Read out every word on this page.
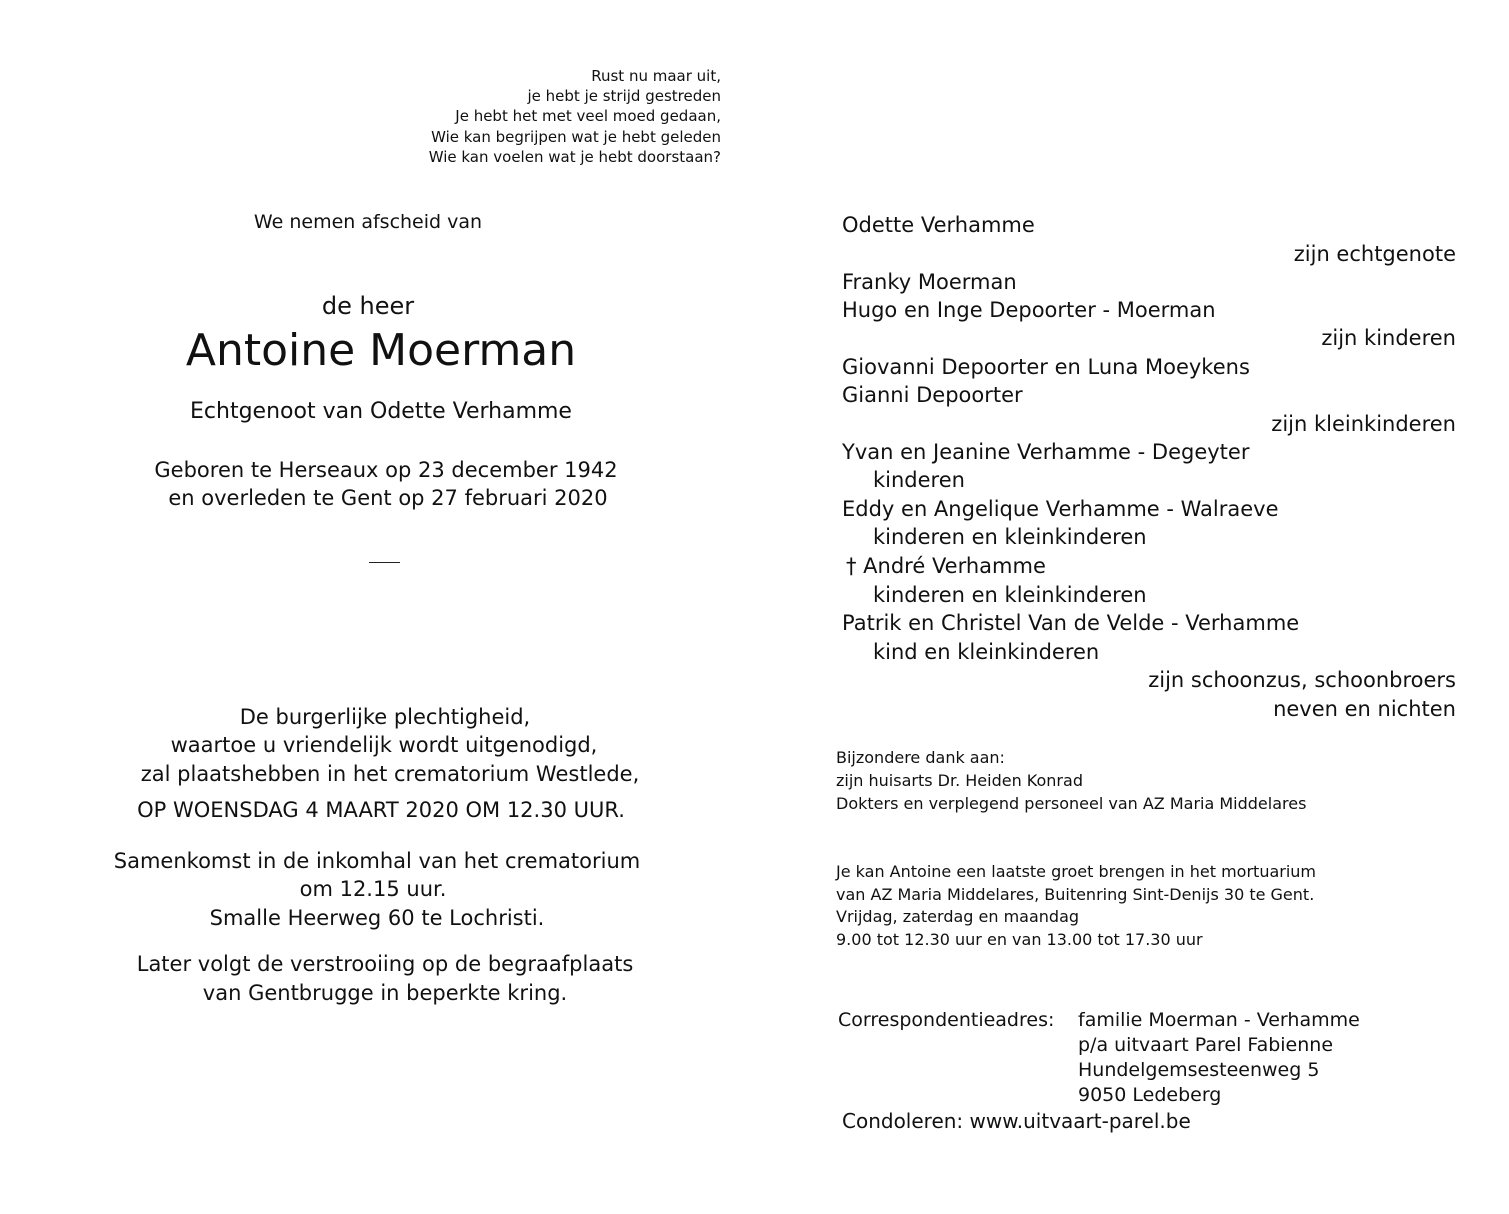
Rust nu maar uit,
je hebt je strijd gestreden
Je hebt het met veel moed gedaan,
Wie kan begrijpen wat je hebt geleden
Wie kan voelen wat je hebt doorstaan?
We nemen afscheid van
de heer
Antoine Moerman
Echtgenoot van Odette Verhamme
Geboren te Herseaux op 23 december 1942
en overleden te Gent op 27 februari 2020
De burgerlijke plechtigheid,
waartoe u vriendelijk wordt uitgenodigd,
zal plaatshebben in het crematorium Westlede,
OP WOENSDAG 4 MAART 2020 OM 12.30 UUR.
Samenkomst in de inkomhal van het crematorium
om 12.15 uur.
Smalle Heerweg 60 te Lochristi.
Later volgt de verstrooiing op de begraafplaats
van Gentbrugge in beperkte kring.
Odette Verhamme
zijn echtgenote
Franky Moerman
Hugo en Inge Depoorter - Moerman
zijn kinderen
Giovanni Depoorter en Luna Moeykens
Gianni Depoorter
zijn kleinkinderen
Yvan en Jeanine Verhamme - Degeyter
kinderen
Eddy en Angelique Verhamme - Walraeve
kinderen en kleinkinderen
† André Verhamme
kinderen en kleinkinderen
Patrik en Christel Van de Velde - Verhamme
kind en kleinkinderen
zijn schoonzus, schoonbroers
neven en nichten
Bijzondere dank aan:
zijn huisarts Dr. Heiden Konrad
Dokters en verplegend personeel van AZ Maria Middelares
Je kan Antoine een laatste groet brengen in het mortuarium
van AZ Maria Middelares, Buitenring Sint-Denijs 30 te Gent.
Vrijdag, zaterdag en maandag
9.00 tot 12.30 uur en van 13.00 tot 17.30 uur
Correspondentieadres: familie Moerman - Verhamme
p/a uitvaart Parel Fabienne
Hundelgemsesteenweg 5
9050 Ledeberg
Condoleren: www.uitvaart-parel.be
